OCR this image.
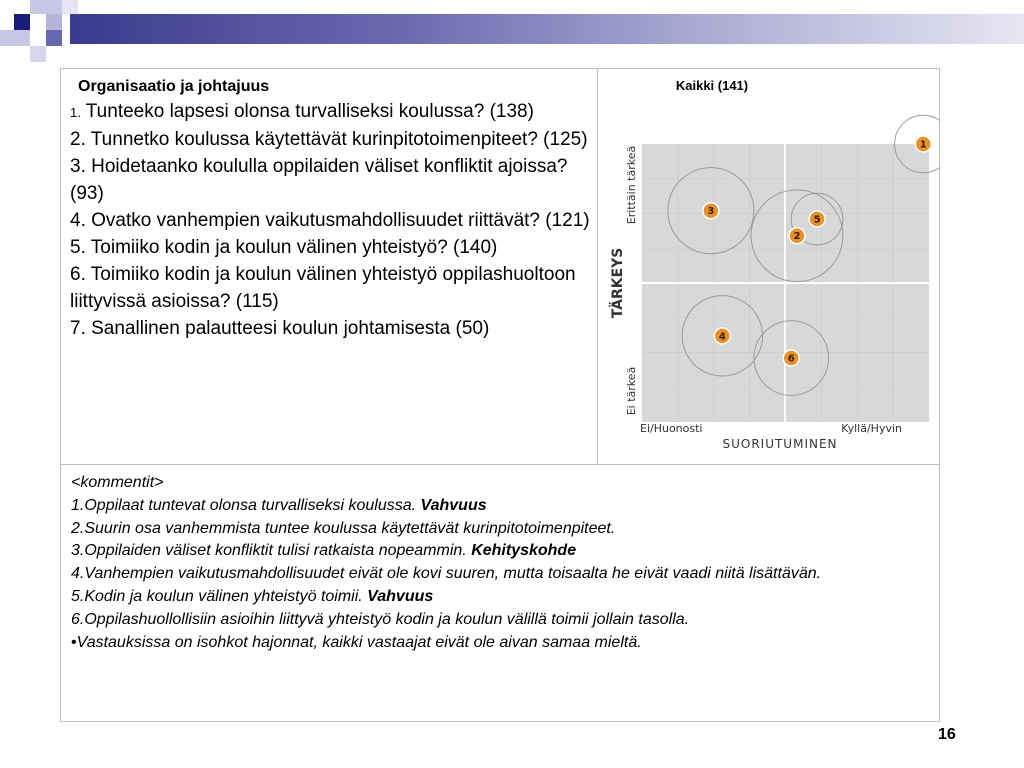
Organisaatio ja johtajuus
1. Tunteeko lapsesi olonsa turvalliseksi koulussa? (138)
2. Tunnetko koulussa käytettävät kurinpitotoimenpiteet? (125)
3. Hoidetaanko koululla oppilaiden väliset konfliktit ajoissa? (93)
4. Ovatko vanhempien vaikutusmahdollisuudet riittävät? (121)
5. Toimiiko kodin ja koulun välinen yhteistyö? (140)
6. Toimiiko kodin ja koulun välinen yhteistyö oppilashuoltoon liittyvissä asioissa? (115)
7. Sanallinen palautteesi koulun johtamisesta (50)
Kaikki (141)
1
2
3
4
5
6
TÄRKEYS
Erittäin tärkeä
Ei tärkeä
Ei/Huonosti	Kyllä/Hyvin
SUORIUTUMINEN
<kommentit>
1.Oppilaat tuntevat olonsa turvalliseksi koulussa. Vahvuus
2.Suurin osa vanhemmista tuntee koulussa käytettävät kurinpitotoimenpiteet.
3.Oppilaiden väliset konfliktit tulisi ratkaista nopeammin. Kehityskohde
4.Vanhempien vaikutusmahdollisuudet eivät ole kovi suuren, mutta toisaalta he eivät vaadi niitä lisättävän.
5.Kodin ja koulun välinen yhteistyö toimii. Vahvuus
6.Oppilashuollollisiin asioihin liittyvä yhteistyö kodin ja koulun välillä toimii jollain tasolla.
•Vastauksissa on isohkot hajonnat, kaikki vastaajat eivät ole aivan samaa mieltä.
16
